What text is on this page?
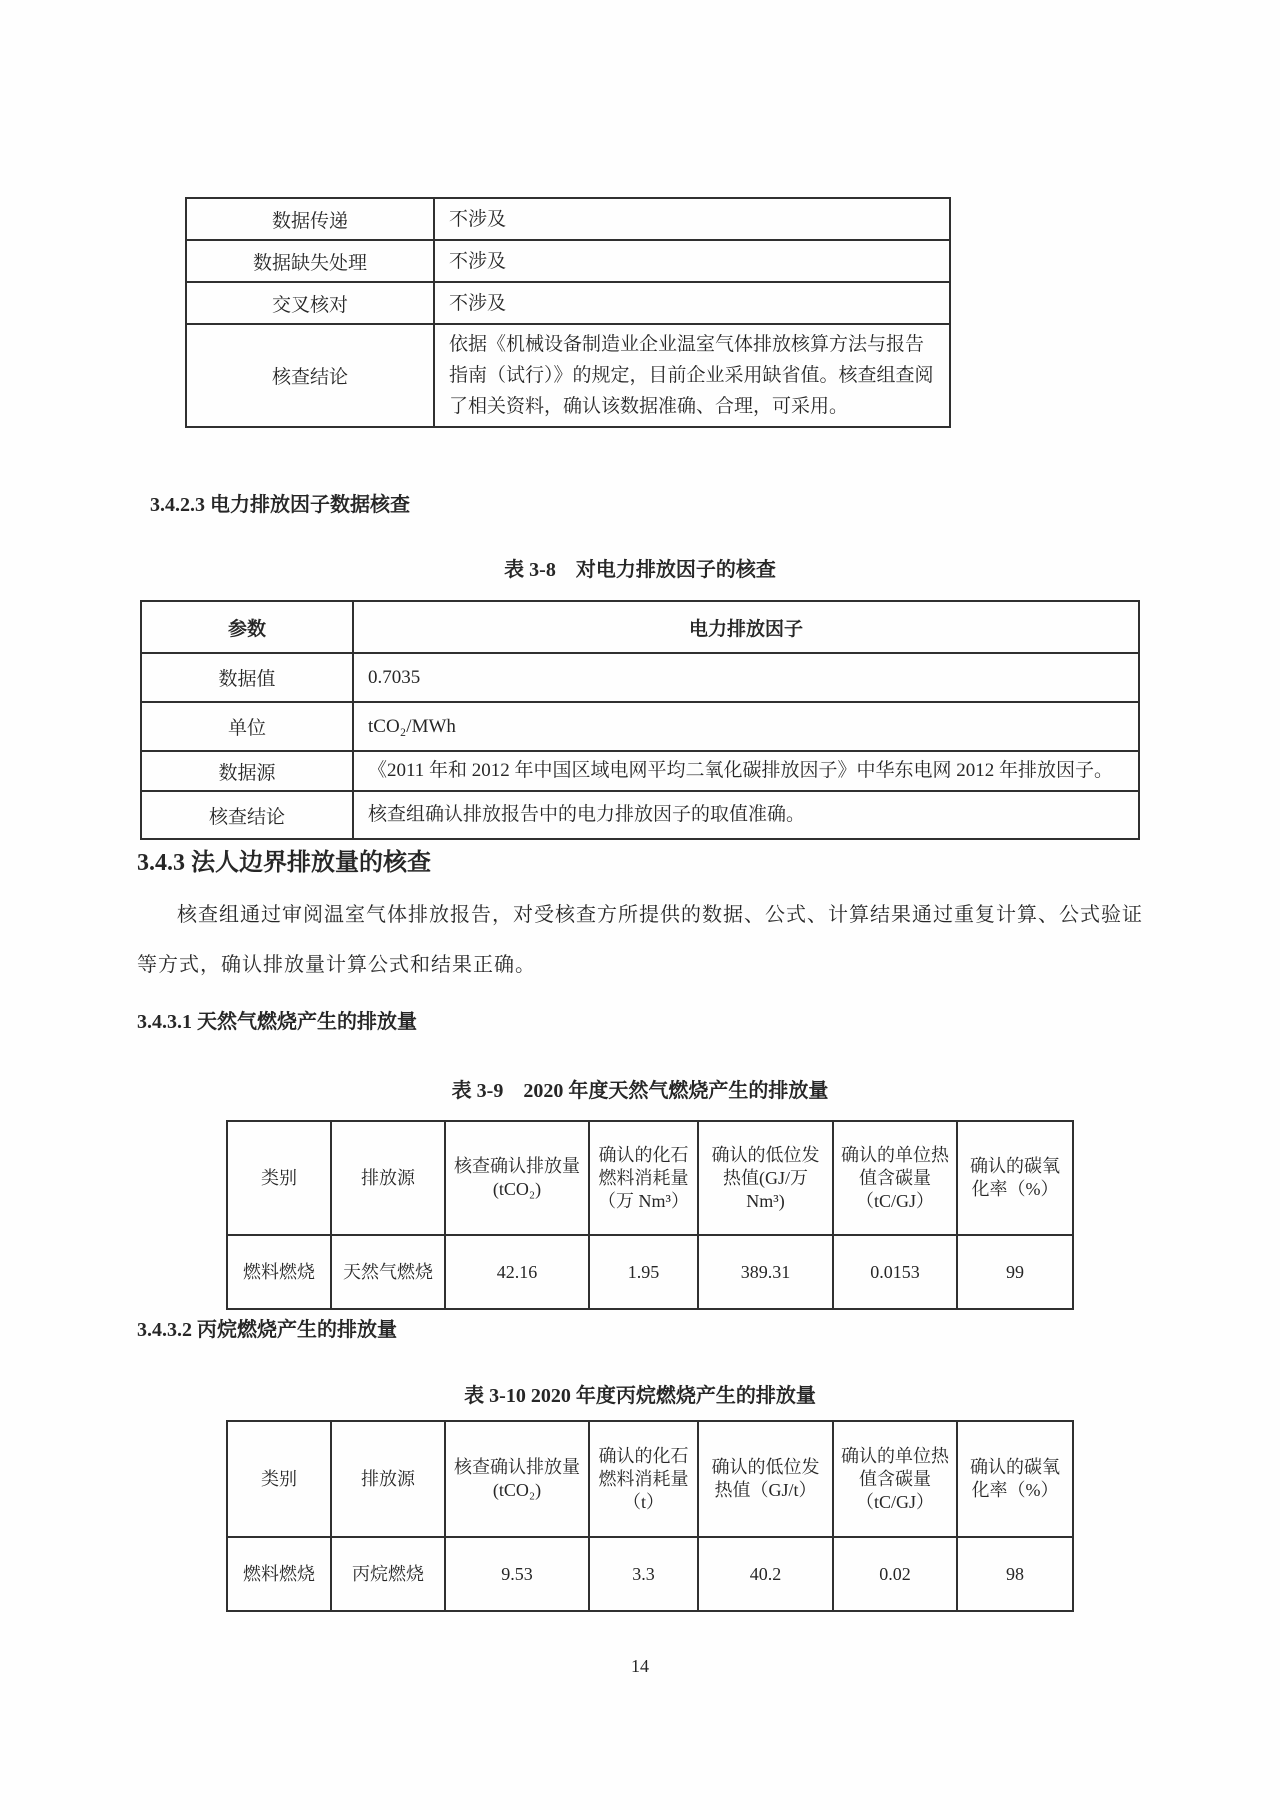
数据传递	不涉及
数据缺失处理	不涉及
交叉核对	不涉及
核查结论	依据《机械设备制造业企业温室气体排放核算方法与报告指南（试行）》的规定，目前企业采用缺省值。核查组查阅了相关资料，确认该数据准确、合理，可采用。
3.4.2.3 电力排放因子数据核查
表 3-8　对电力排放因子的核查
参数	电力排放因子
数据值	0.7035
单位	tCO₂/MWh
数据源	《2011 年和 2012 年中国区域电网平均二氧化碳排放因子》中华东电网 2012 年排放因子。
核查结论	核查组确认排放报告中的电力排放因子的取值准确。
3.4.3 法人边界排放量的核查

核查组通过审阅温室气体排放报告，对受核查方所提供的数据、公式、计算结果通过重复计算、公式验证等方式，确认排放量计算公式和结果正确。

3.4.3.1 天然气燃烧产生的排放量
表 3-9　2020 年度天然气燃烧产生的排放量
类别	排放源	核查确认排放量(tCO₂)	确认的化石燃料消耗量（万 Nm³）	确认的低位发热值(GJ/万 Nm³)	确认的单位热值含碳量（tC/GJ）	确认的碳氧化率（%）
燃料燃烧	天然气燃烧	42.16	1.95	389.31	0.0153	99
3.4.3.2 丙烷燃烧产生的排放量
表 3-10 2020 年度丙烷燃烧产生的排放量
类别	排放源	核查确认排放量(tCO₂)	确认的化石燃料消耗量（t）	确认的低位发热值（GJ/t）	确认的单位热值含碳量（tC/GJ）	确认的碳氧化率（%）
燃料燃烧	丙烷燃烧	9.53	3.3	40.2	0.02	98
14
